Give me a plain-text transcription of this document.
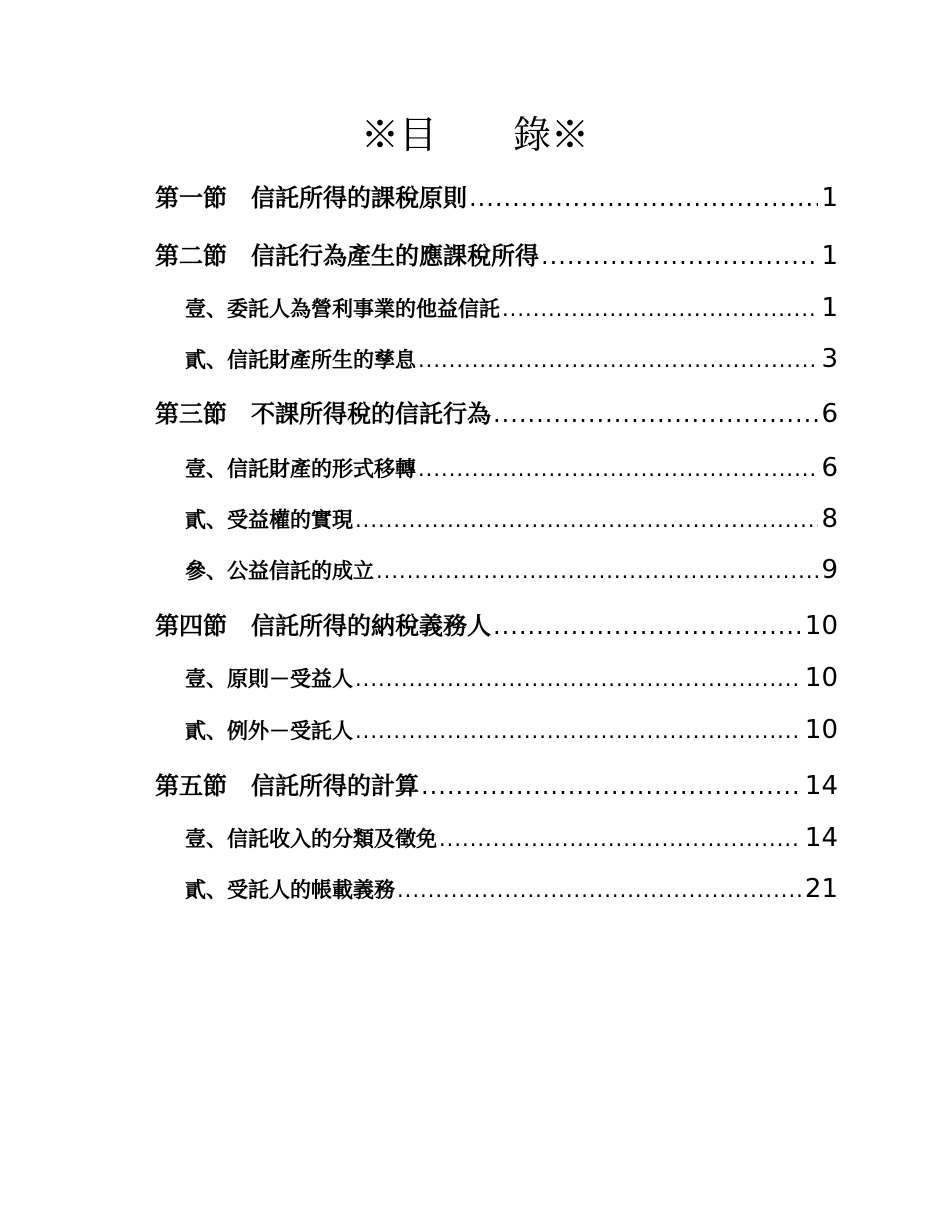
※目　　錄※
第一節　信託所得的課稅原則 .....	1
第二節　信託行為產生的應課稅所得 .....	1
壹、委託人為營利事業的他益信託 .....	1
貳、信託財產所生的孳息 .....	3
第三節　不課所得稅的信託行為 .....	6
壹、信託財產的形式移轉 .....	6
貳、受益權的實現 .....	8
參、公益信託的成立 .....	9
第四節　信託所得的納稅義務人 .....	10
壹、原則－受益人 .....	10
貳、例外－受託人 .....	10
第五節　信託所得的計算 .....	14
壹、信託收入的分類及徵免 .....	14
貳、受託人的帳載義務 .....	21
